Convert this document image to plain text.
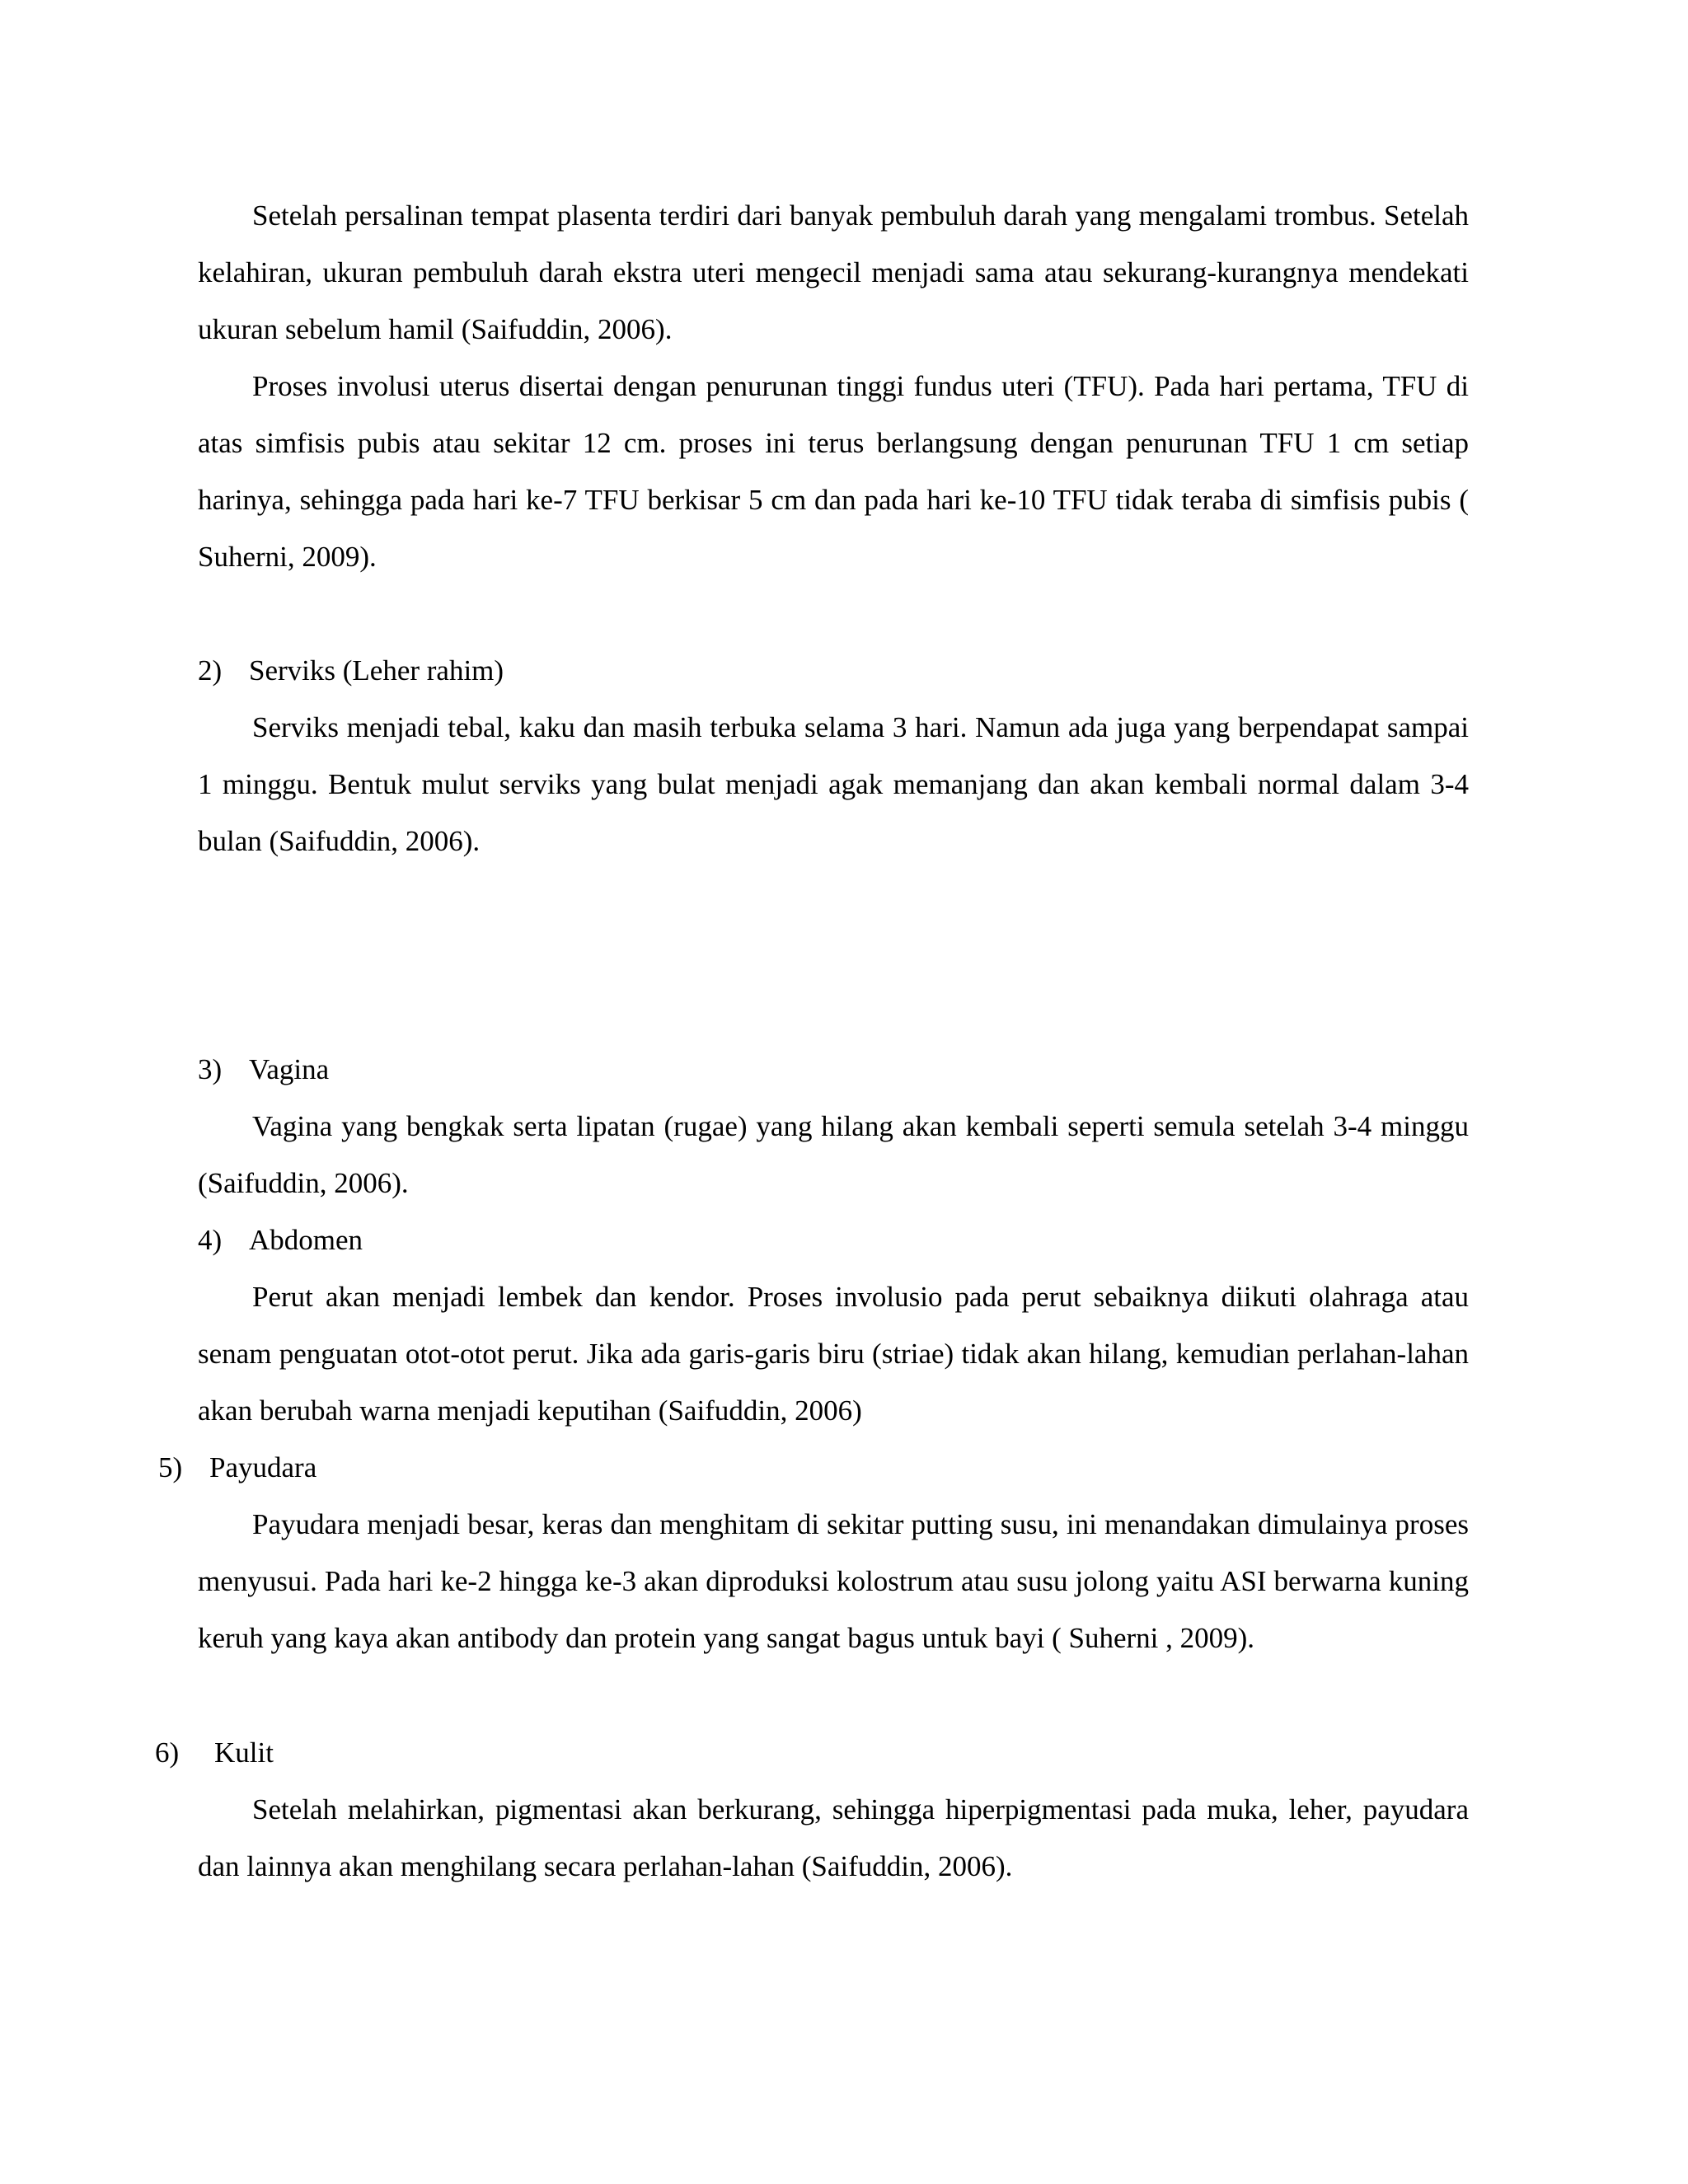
Setelah persalinan tempat plasenta terdiri dari banyak pembuluh darah yang mengalami trombus. Setelah kelahiran, ukuran pembuluh darah ekstra uteri mengecil menjadi sama atau sekurang-kurangnya mendekati ukuran sebelum hamil (Saifuddin, 2006).

Proses involusi uterus disertai dengan penurunan tinggi fundus uteri (TFU). Pada hari pertama, TFU di atas simfisis pubis atau sekitar 12 cm. proses ini terus berlangsung dengan penurunan TFU 1 cm setiap harinya, sehingga pada hari ke-7 TFU berkisar 5 cm dan pada hari ke-10 TFU tidak teraba di simfisis pubis ( Suherni, 2009).

2) Serviks (Leher rahim)

Serviks menjadi tebal, kaku dan masih terbuka selama 3 hari. Namun ada juga yang berpendapat sampai 1 minggu. Bentuk mulut serviks yang bulat menjadi agak memanjang dan akan kembali normal dalam 3-4 bulan (Saifuddin, 2006).

3) Vagina

Vagina yang bengkak serta lipatan (rugae) yang hilang akan kembali seperti semula setelah 3-4 minggu (Saifuddin, 2006).

4) Abdomen

Perut akan menjadi lembek dan kendor. Proses involusio pada perut sebaiknya diikuti olahraga atau senam penguatan otot-otot perut. Jika ada garis-garis biru (striae) tidak akan hilang, kemudian perlahan-lahan akan berubah warna menjadi keputihan (Saifuddin, 2006)

5) Payudara

Payudara menjadi besar, keras dan menghitam di sekitar putting susu, ini menandakan dimulainya proses menyusui. Pada hari ke-2 hingga ke-3 akan diproduksi kolostrum atau susu jolong yaitu ASI berwarna kuning keruh yang kaya akan antibody dan protein yang sangat bagus untuk bayi ( Suherni , 2009).

6) Kulit

Setelah melahirkan, pigmentasi akan berkurang, sehingga hiperpigmentasi pada muka, leher, payudara dan lainnya akan menghilang secara perlahan-lahan (Saifuddin, 2006).
